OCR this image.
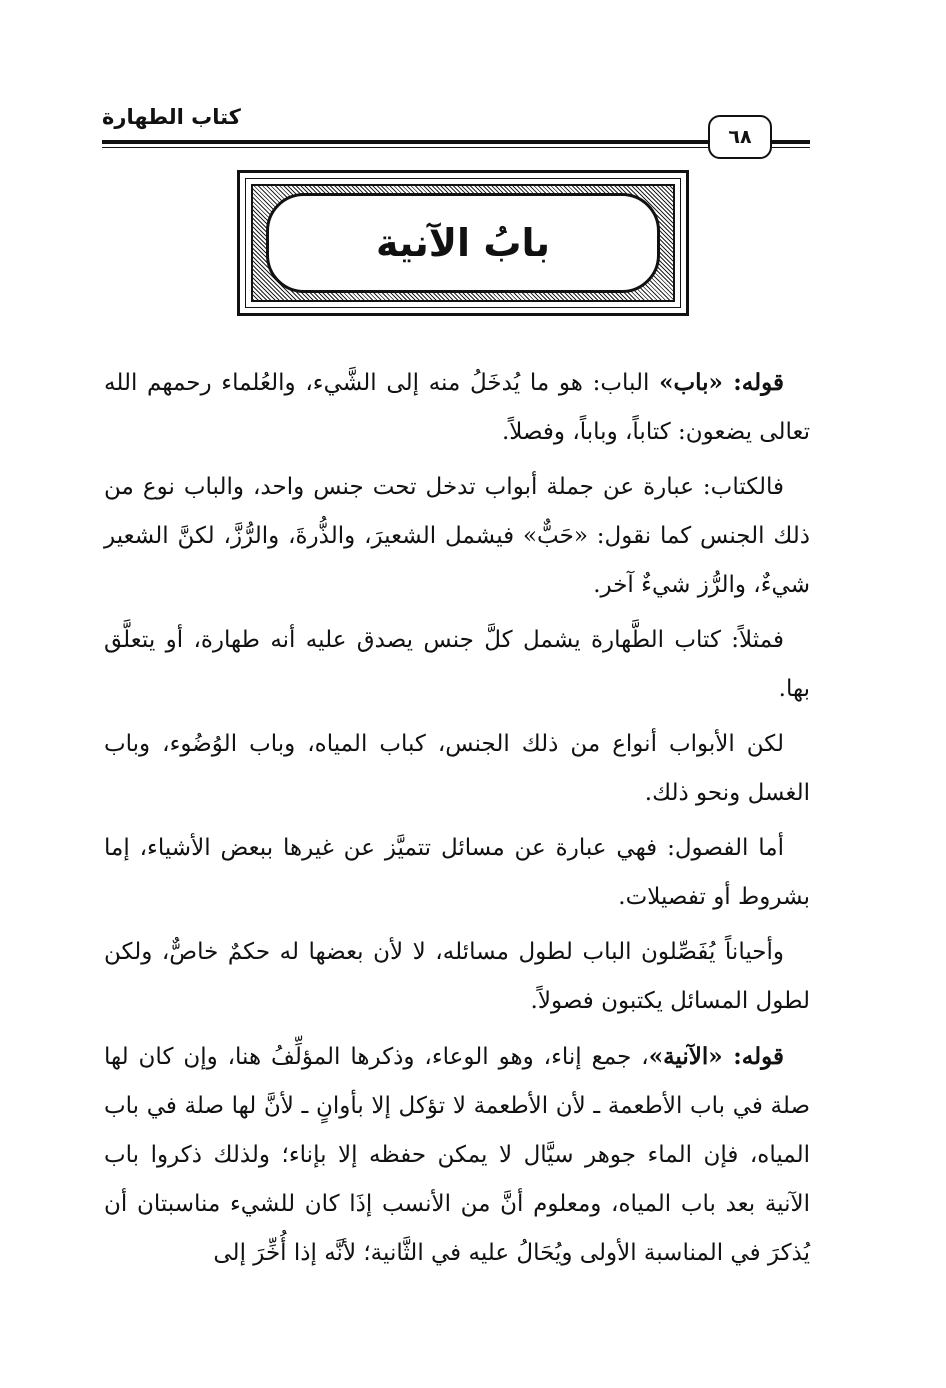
كتاب الطهارة
٦٨
بابُ الآنية

قوله: «باب» الباب: هو ما يُدخَلُ منه إلى الشَّيء، والعُلماء رحمهم الله تعالى يضعون: كتاباً، وباباً، وفصلاً.

فالكتاب: عبارة عن جملة أبواب تدخل تحت جنس واحد، والباب نوع من ذلك الجنس كما نقول: «حَبٌّ» فيشمل الشعيرَ، والذُّرةَ، والرُّزَّ، لكنَّ الشعير شيءٌ، والرُّز شيءٌ آخر.

فمثلاً: كتاب الطَّهارة يشمل كلَّ جنس يصدق عليه أنه طهارة، أو يتعلَّق بها.

لكن الأبواب أنواع من ذلك الجنس، كباب المياه، وباب الوُضُوء، وباب الغسل ونحو ذلك.

أما الفصول: فهي عبارة عن مسائل تتميَّز عن غيرها ببعض الأشياء، إما بشروط أو تفصيلات.

وأحياناً يُفَصِّلون الباب لطول مسائله، لا لأن بعضها له حكمٌ خاصٌّ، ولكن لطول المسائل يكتبون فصولاً.

قوله: «الآنية»، جمع إناء، وهو الوعاء، وذكرها المؤلِّفُ هنا، وإن كان لها صلة في باب الأطعمة ـ لأن الأطعمة لا تؤكل إلا بأوانٍ ـ لأنَّ لها صلة في باب المياه، فإن الماء جوهر سيَّال لا يمكن حفظه إلا بإناء؛ ولذلك ذكروا باب الآنية بعد باب المياه، ومعلوم أنَّ من الأنسب إذَا كان للشيء مناسبتان أن يُذكرَ في المناسبة الأولى ويُحَالُ عليه في الثَّانية؛ لأنَّه إذا أُخِّرَ إلى
